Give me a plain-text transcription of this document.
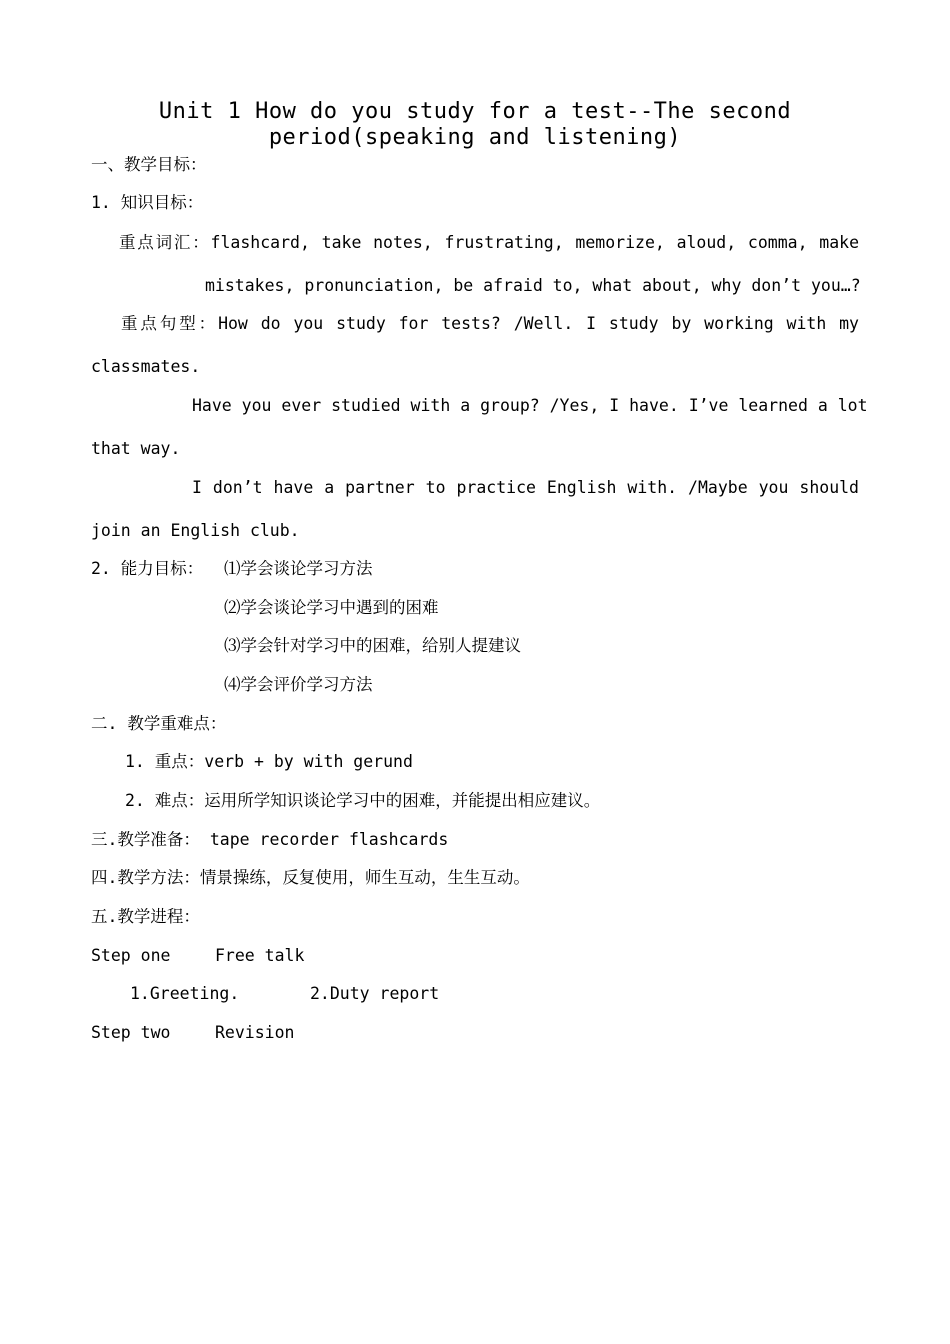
Unit 1 How do you study for a test--The second
period(speaking and listening)
一、教学目标：
1. 知识目标：
重点词汇：flashcard, take notes, frustrating, memorize, aloud, comma, make
mistakes, pronunciation, be afraid to, what about, why don’t you…?
重点句型：How do you study for tests? /Well. I study by working with my
classmates.
Have you ever studied with a group? /Yes, I have. I’ve learned a lot
that way.
I don’t have a partner to practice English with. /Maybe you should
join an English club.
2. 能力目标： ⑴学会谈论学习方法
⑵学会谈论学习中遇到的困难
⑶学会针对学习中的困难，给别人提建议
⑷学会评价学习方法
二. 教学重难点：
1. 重点：verb + by with gerund
2. 难点：运用所学知识谈论学习中的困难，并能提出相应建议。
三.教学准备： tape recorder flashcards
四.教学方法：情景操练，反复使用，师生互动，生生互动。
五.教学进程：
Step one	Free talk
1.Greeting.	2.Duty report
Step two	Revision
